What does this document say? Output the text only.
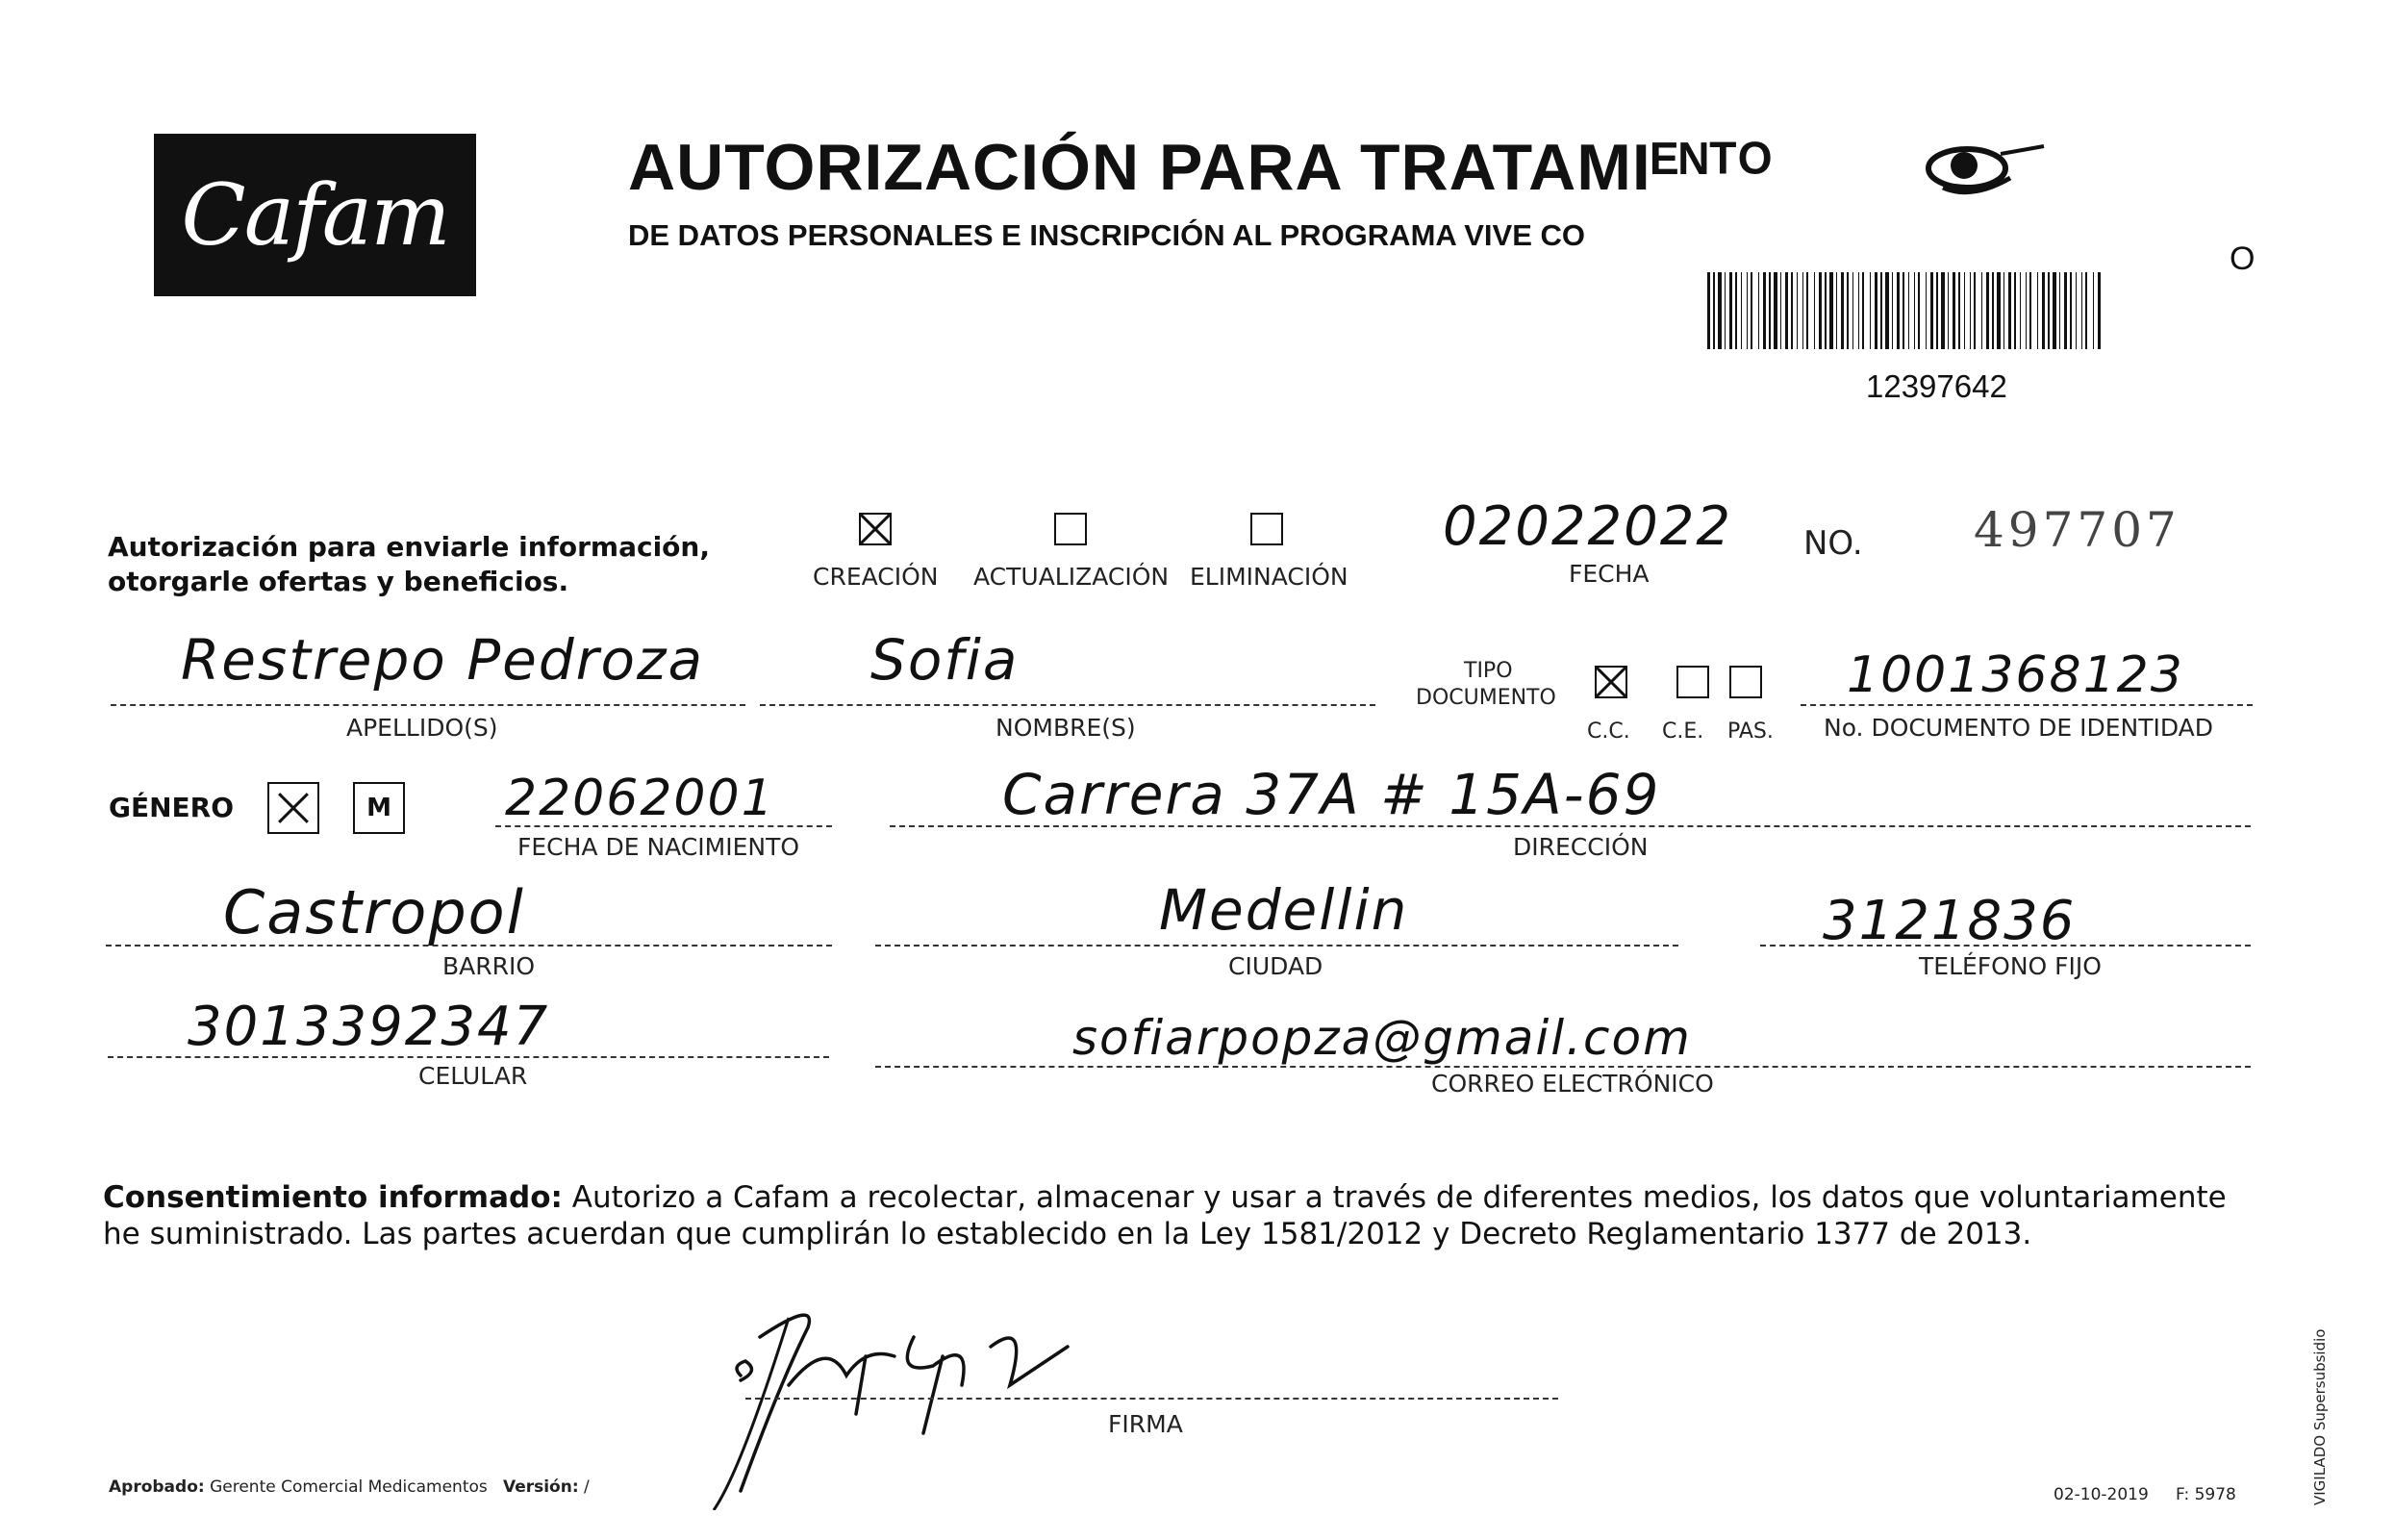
Cafam	AUTORIZACIÓN PARA TRATAMIᴱᴺᵀᴼ
DE DATOS PERSONALES E INSCRIPCIÓN AL PROGRAMA VIVE CO
O
12397642
Autorización para enviarle información,
otorgarle ofertas y beneficios.	CREACIÓN ACTUALIZACIÓN ELIMINACIÓN
02022022
FECHA
NO. 497707
Restrepo Pedroza
APELLIDO(S)
Sofia
NOMBRE(S)
TIPO
DOCUMENTO
C.C. C.E. PAS.
1001368123
No. DOCUMENTO DE IDENTIDAD
GÉNERO	M 22062001
FECHA DE NACIMIENTO
Carrera 37A # 15A-69
DIRECCIÓN
Castropol
BARRIO
Medellin
CIUDAD
3121836
TELÉFONO FIJO
3013392347
CELULAR
sofiarpopza@gmail.com
CORREO ELECTRÓNICO
Consentimiento informado: Autorizo a Cafam a recolectar, almacenar y usar a través de diferentes medios, los datos que voluntariamente he suministrado. Las partes acuerdan que cumplirán lo establecido en la Ley 1581/2012 y Decreto Reglamentario 1377 de 2013.
FIRMA
Aprobado: Gerente Comercial Medicamentos Versión: /	02-10-2019 F: 5978	VIGILADO Supersubsidio
